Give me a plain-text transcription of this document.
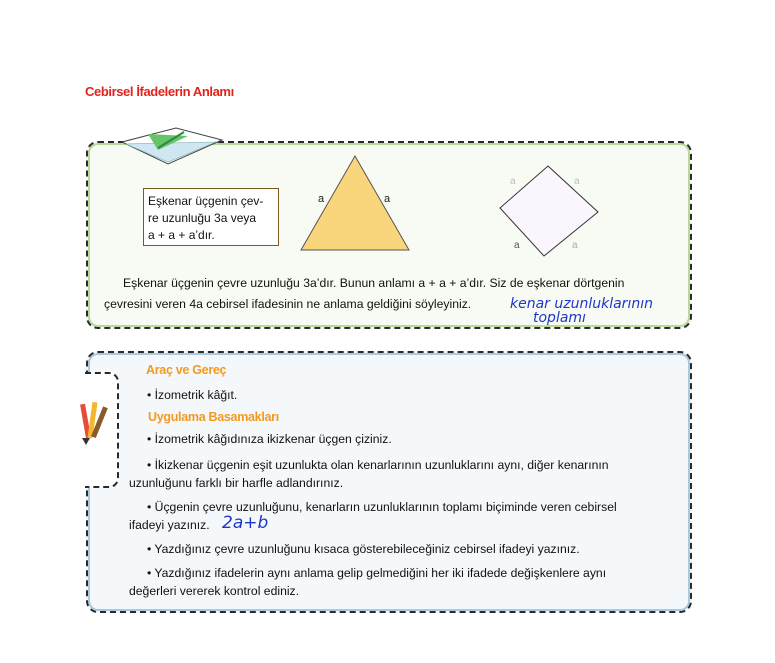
Cebirsel İfadelerin Anlamı
Eşkenar üçgenin çev-
re uzunluğu 3a veya
a + a + a’dır.
a	a
a	a
a	a
Eşkenar üçgenin çevre uzunluğu 3a’dır. Bunun anlamı a + a + a’dır. Siz de eşkenar dörtgenin
çevresini veren 4a cebirsel ifadesinin ne anlama geldiğini söyleyiniz.	kenar uzunluklarının
toplamı
Araç ve Gereç
• İzometrik kâğıt.
Uygulama Basamakları
• İzometrik kâğıdınıza ikizkenar üçgen çiziniz.
• İkizkenar üçgenin eşit uzunlukta olan kenarlarının uzunluklarını aynı, diğer kenarının
uzunluğunu farklı bir harfle adlandırınız.
• Üçgenin çevre uzunluğunu, kenarların uzunluklarının toplamı biçiminde veren cebirsel
ifadeyi yazınız. 2a+b
• Yazdığınız çevre uzunluğunu kısaca gösterebileceğiniz cebirsel ifadeyi yazınız.
• Yazdığınız ifadelerin aynı anlama gelip gelmediğini her iki ifadede değişkenlere aynı
değerleri vererek kontrol ediniz.
